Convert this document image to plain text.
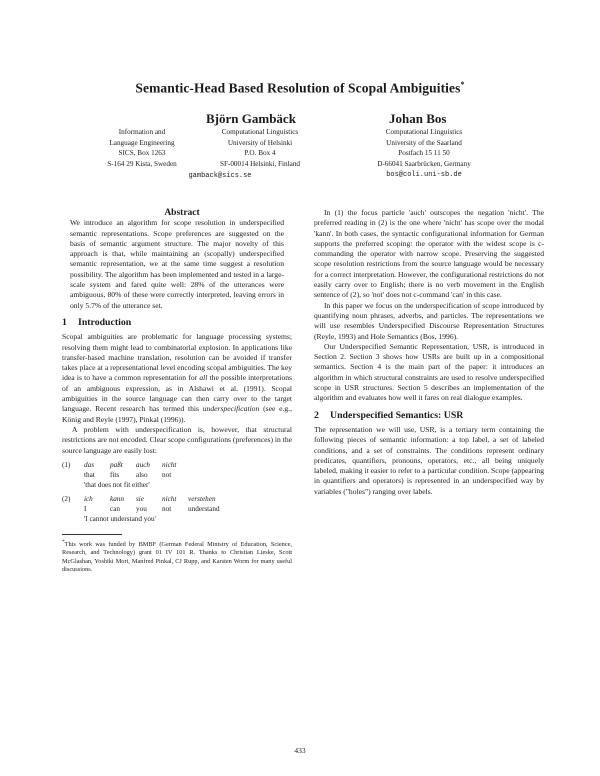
Semantic-Head Based Resolution of Scopal Ambiguities*
Björn Gambäck
Information and
Language Engineering
SICS, Box 1263
S-164 29 Kista, Sweden
Computational Linguistics
University of Helsinki
P.O. Box 4
SF-00014 Helsinki, Finland
gamback@sics.se
Johan Bos
Computational Linguistics
University of the Saarland
Postfach 15 11 50
D-66041 Saarbrücken, Germany
bos@coli.uni-sb.de

Abstract

We introduce an algorithm for scope resolution in underspecified semantic representations. Scope preferences are suggested on the basis of semantic argument structure. The major novelty of this approach is that, while maintaining an (scopally) underspecified semantic representation, we at the same time suggest a resolution possibility. The algorithm has been implemented and tested in a large-scale system and fared quite well: 28% of the utterances were ambiguous, 80% of these were correctly interpreted, leaving errors in only 5.7% of the utterance set.

1 Introduction

Scopal ambiguities are problematic for language processing systems; resolving them might lead to combinatorial explosion. In applications like transfer-based machine translation, resolution can be avoided if transfer takes place at a representational level encoding scopal ambiguities. The key idea is to have a common representation for all the possible interpretations of an ambiguous expression, as in Alshawi et al. (1991). Scopal ambiguities in the source language can then carry over to the target language. Recent research has termed this underspecification (see e.g., König and Reyle (1997), Pinkal (1996)).

A problem with underspecification is, however, that structural restrictions are not encoded. Clear scope configurations (preferences) in the source language are easily lost:

(1)	das	paßt	auch	nicht
that	fits	also	not
'that does not fit either'
(2)	ich	kann	sie	nicht	verstehen
I	can	you	not	understand
'I cannot understand you'

*This work was funded by BMBF (German Federal Ministry of Education, Science, Research, and Technology) grant 01 IV 101 R. Thanks to Christian Lieske, Scott McGlashan, Yoshiki Mori, Manfred Pinkal, CJ Rupp, and Karsten Worm for many useful discussions.

In (1) the focus particle 'auch' outscopes the negation 'nicht'. The preferred reading in (2) is the one where 'nicht' has scope over the modal 'kann'. In both cases, the syntactic configurational information for German supports the preferred scoping: the operator with the widest scope is c-commanding the operator with narrow scope. Preserving the suggested scope resolution restrictions from the source language would be necessary for a correct interpretation. However, the configurational restrictions do not easily carry over to English; there is no verb movement in the English sentence of (2), so 'not' does not c-command 'can' in this case.

In this paper we focus on the underspecification of scope introduced by quantifying noun phrases, adverbs, and particles. The representations we will use resembles Underspecified Discourse Representation Structures (Reyle, 1993) and Hole Semantics (Bos, 1996).

Our Underspecified Semantic Representation, USR, is introduced in Section 2. Section 3 shows how USRs are built up in a compositional semantics. Section 4 is the main part of the paper: it introduces an algorithm in which structural constraints are used to resolve underspecified scope in USR structures. Section 5 describes an implementation of the algorithm and evaluates how well it fares on real dialogue examples.

2 Underspecified Semantics: USR

The representation we will use, USR, is a tertiary term containing the following pieces of semantic information: a top label, a set of labeled conditions, and a set of constraints. The conditions represent ordinary predicates, quantifiers, pronouns, operators, etc., all being uniquely labeled, making it easier to refer to a particular condition. Scope (appearing in quantifiers and operators) is represented in an underspecified way by variables ("holes") ranging over labels.

433
